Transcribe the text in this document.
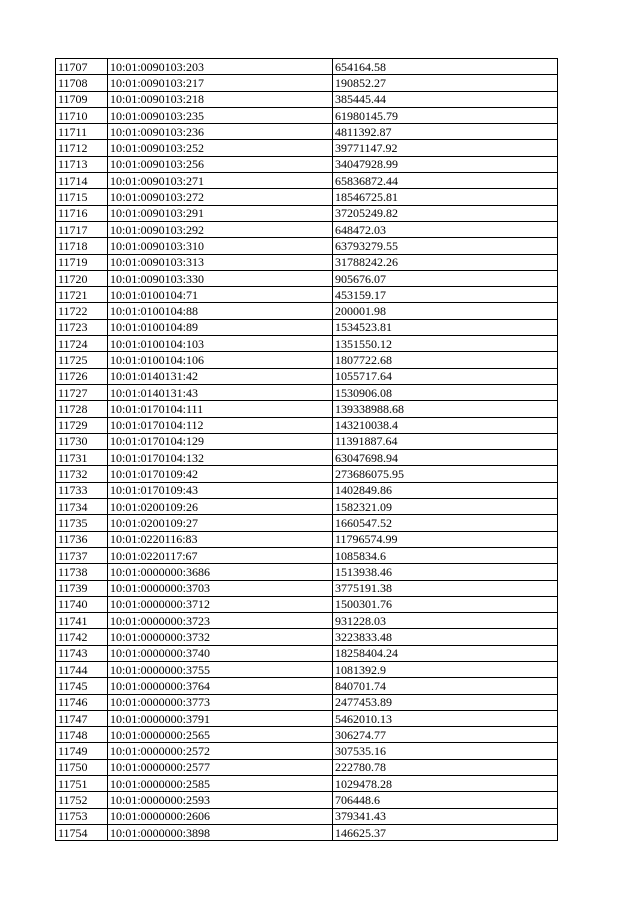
11707	10:01:0090103:203	654164.58
11708	10:01:0090103:217	190852.27
11709	10:01:0090103:218	385445.44
11710	10:01:0090103:235	61980145.79
11711	10:01:0090103:236	4811392.87
11712	10:01:0090103:252	39771147.92
11713	10:01:0090103:256	34047928.99
11714	10:01:0090103:271	65836872.44
11715	10:01:0090103:272	18546725.81
11716	10:01:0090103:291	37205249.82
11717	10:01:0090103:292	648472.03
11718	10:01:0090103:310	63793279.55
11719	10:01:0090103:313	31788242.26
11720	10:01:0090103:330	905676.07
11721	10:01:0100104:71	453159.17
11722	10:01:0100104:88	200001.98
11723	10:01:0100104:89	1534523.81
11724	10:01:0100104:103	1351550.12
11725	10:01:0100104:106	1807722.68
11726	10:01:0140131:42	1055717.64
11727	10:01:0140131:43	1530906.08
11728	10:01:0170104:111	139338988.68
11729	10:01:0170104:112	143210038.4
11730	10:01:0170104:129	11391887.64
11731	10:01:0170104:132	63047698.94
11732	10:01:0170109:42	273686075.95
11733	10:01:0170109:43	1402849.86
11734	10:01:0200109:26	1582321.09
11735	10:01:0200109:27	1660547.52
11736	10:01:0220116:83	11796574.99
11737	10:01:0220117:67	1085834.6
11738	10:01:0000000:3686	1513938.46
11739	10:01:0000000:3703	3775191.38
11740	10:01:0000000:3712	1500301.76
11741	10:01:0000000:3723	931228.03
11742	10:01:0000000:3732	3223833.48
11743	10:01:0000000:3740	18258404.24
11744	10:01:0000000:3755	1081392.9
11745	10:01:0000000:3764	840701.74
11746	10:01:0000000:3773	2477453.89
11747	10:01:0000000:3791	5462010.13
11748	10:01:0000000:2565	306274.77
11749	10:01:0000000:2572	307535.16
11750	10:01:0000000:2577	222780.78
11751	10:01:0000000:2585	1029478.28
11752	10:01:0000000:2593	706448.6
11753	10:01:0000000:2606	379341.43
11754	10:01:0000000:3898	146625.37
